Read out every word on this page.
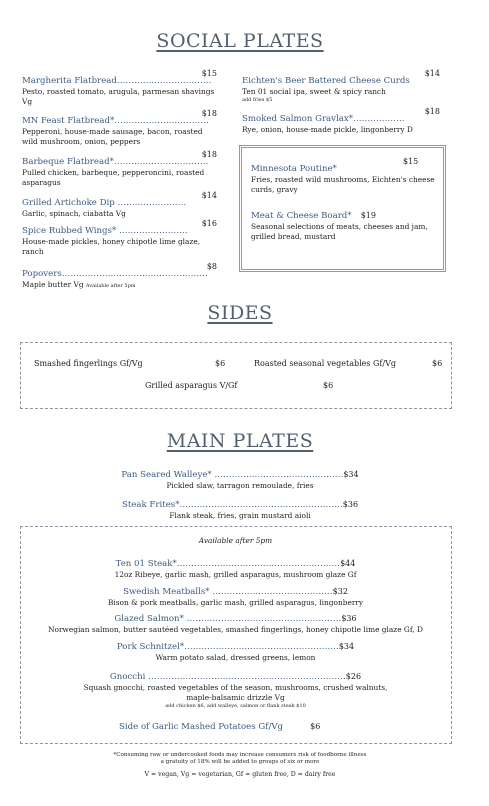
SOCIAL PLATES
Margherita Flatbread……………………………
$15
Pesto, roasted tomato, arugula, parmesan shavings Vg
MN Feast Flatbread*……………………………
$18
Pepperoni, house-made sausage, bacon, roasted wild mushroom, onion, peppers
Barbeque Flatbread*……………………………
$18
Pulled chicken, barbeque, pepperoncini, roasted asparagus
Grilled Artichoke Dip ……………………
$14
Garlic, spinach, ciabatta Vg
Spice Rubbed Wings* ……………………
$16
House-made pickles, honey chipotle lime glaze, ranch
Popovers……………………………………………
$8
Maple butter Vg Available after 5pm
Eichten's Beer Battered Cheese Curds
$14
Ten 01 social ipa, sweet & spicy ranch
add fries $5
Smoked Salmon Gravlax*………………
$18
Rye, onion, house-made pickle, lingonberry D
Minnesota Poutine*
$15
Fries, roasted wild mushrooms, Eichten's cheese curds, gravy
Meat & Cheese Board* $19
Seasonal selections of meats, cheeses and jam, grilled bread, mustard
SIDES
Smashed fingerlings Gf/Vg	$6	Roasted seasonal vegetables Gf/Vg	$6
Grilled asparagus V/Gf	$6
MAIN PLATES
Pan Seared Walleye* ………………………………………$34
Pickled slaw, tarragon remoulade, fries
Steak Frites*…………………………………………………$36
Flank steak, fries, grain mustard aioli
Available after 5pm
Ten 01 Steak*…………………………………………………$44
12oz Ribeye, garlic mash, grilled asparagus, mushroom glaze Gf
Swedish Meatballs* ……………………………………$32
Bison & pork meatballs, garlic mash, grilled asparagus, lingonberry
Glazed Salmon* ………………………………………………$36
Norwegian salmon, butter sautéed vegetables, smashed fingerlings, honey chipotle lime glaze Gf, D
Pork Schnitzel*………………………………………………$34
Warm potato salad, dressed greens, lemon
Gnocchi ……………………………………………………………$26
Squash gnocchi, roasted vegetables of the season, mushrooms, crushed walnuts,
maple-balsamic drizzle Vg
add chicken $6, add walleye, salmon or flank steak $10
Side of Garlic Mashed Potatoes Gf/Vg	$6
*Consuming raw or undercooked foods may increase consumers risk of foodborne illness
a gratuity of 18% will be added to groups of six or more
V = vegan, Vg = vegetarian, Gf = gluten free, D = dairy free
